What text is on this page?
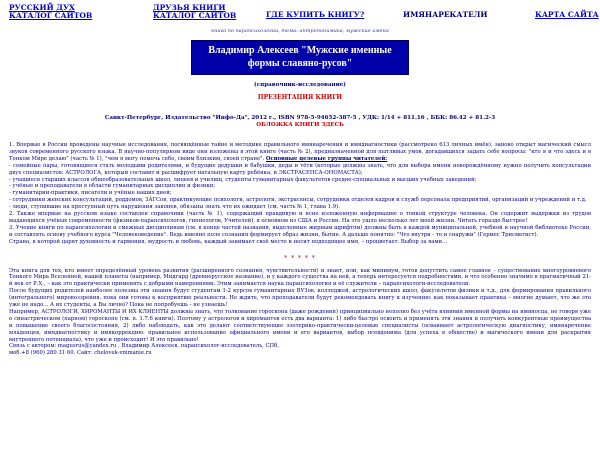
РУССКИЙ ДУХ
КАТАЛОГ САЙТОВ
ДРУЗЬЯ КНИГИ
КАТАЛОГ САЙТОВ	ГДЕ КУПИТЬ КНИГУ?	ИМЯНАРЕКАТЕЛИ	КАРТА САЙТА
книга по парапсихологии, тема: антропонимика, мужские имена
Владимир Алексеев "Мужские именные формы славяно-русов"
(справочник-исследование)
ПРЕЗЕНТАЦИЯ КНИГИ
Санкт-Петербург, Издательство "Инфо-Да", 2012 г., ISBN 978-5-94652-387-5 , УДК: 1/14 + 811.16 , ББК: 86.42 + 81.2-3
ОБЛОЖКА КНИГИ ЗДЕСЬ

1. Впервые в России проведены научные исследования, посвящённые тайне и методике правильного имянаречения и имядиагностики (рассмотрено 613 личных имён), заново открыт магический смысл звуков современного русского языка. В научно-популярном виде они изложены в этой книге (часть № 2), предназначенной для пытливых умов, догадавшихся задать себе вопросы: "кто я и что здесь и в Тонком Мире делаю" (часть № 1), "чем я могу помочь себе, своим близким, своей стране". Основные целевые группы читателей:

- семейные пары, готовящиеся стать молодыми родителями, и будущие дедушки и бабушки, деды и тёти (которые должны знать, что для выбора имени новорождённому нужно получить консультации двух специалистов: АСТРОЛОГА, который составит и расшифрует натальную карту ребёнка, и ЭКСТРАСЕНСА-ОНОМАСТА);

- учащиеся старших классов общеобразовательных школ, лицеев и училищ, студенты гуманитарных факультетов средне-специальных и высших учебных заведений;

- учёные и преподаватели в области гуманитарных дисциплин и физики;

- гуманитарии-практики, писатели и учёные наших дней;

- сотрудники женских консультаций, роддомов, ЗАГСов, практикующие психологи, астрологи, экстрасенсы, сотрудники отделов кадров и служб персонала предприятий, организаций и учреждений и т.д.

- люди, ступившие на преступный путь нарушения законов, обязаны знать что их ожидает (см. часть № 1, главa 1.9).

2. Также впервые на русском языке составлен справочник (часть № 1), содержащий правдивую и ясно изложенную информацию о тонкой структуре человека. Он содержит выдержки из трудов выдающихся учёных современности (физиков-парапсихологов, гипнологов, Учителей), в основном из США и России. На это ушло несколько лет моей жизни. Читать гораздо быстрее!

3. Учение книги по парапсихологии и смежных дисциплинам (см. в конце частей названия, выделенные жирным шрифтом) должны быть в каждой муниципальной, учебной и научной библиотеке России, и составлять основу учебного курса "Человековедение". Ведь именно поле сознания формирует образ жизни, бытие. А дальше понятно: "Что внутри - то и снаружи" (Гермес Трисмегист).

Страна, в которой царят духовность и гармония, мудрость и любовь, каждый занимает своё место и носит подходящее имя, – процветает. Выбор за вами...

* * * * *

Эта книга для тех, кто имеет определённый уровень развития (расширенного сознания, чувствительности) и знает, или, как минимум, готов допустить самое главное – существование многоуровневого Тонкого Мира Вселенной, нашей планеты (например, Мидгард (древнерусское название), и у каждого существа на ней, а теперь интересуется подробностями, и что особенно значимо в прагматичный 21-й век от Р.Х., – как это практически применять с добрыми намерениями. Этим занимается наука парапсихология и её служители – парапсихологи-исследователи.

После будущих родителей наиболее полезны эти знания будут студентам 1-2 курсов гуманитарных ВУЗов, колледжей, астрологических школ, факультетов физики и т.д., для формирования правильного (интегрального) мировоззрения, пока они готовы к восприятию реальности. Не ждите, что преподаватели будут рекомендовать книгу к изучению: как показывает практика – многие думают, что же это уже не надо... А их студенты, а Вы лично? Пока не попробуешь - не узнаешь!

Например, АСТРОЛОГИ, ХИРОМАНТЫ И ИХ КЛИЕНТЫ должны знать, что толкование гороскопа (даже рождения) принципиально неполно без учёта влияния именной формы на имяносца, не говоря уже о синастрическом (парном) гороскопе (см. п. 1.7.6 книги). Поэтому у астрологов и хиромантов есть два варианта: 1) либо быстро освоить и применять эти знания и получить конкурентные преимущества и повышение своего благосостояния, 2) либо наблюдать, как это делают соответствующие эзотерико-практически-целевые специалисты (осваивают астрологическую диагностику, имянаречение младенцев, имядиагностику и имякоррекцию: правильное использование официального имени и его вариантов, выбор псевдонима (для успеха в обществе) и магического имени для раскрытия внутреннего потенциала), что уже и происходит! И это правильно!

Связь с автором: magusrus@yandex.ru , Владимир Алексеев, парапсихолог-исследователь, СПб,

моб.+8 (960) 280 31 60. Сайт: chelovek-vnimanie.ru
